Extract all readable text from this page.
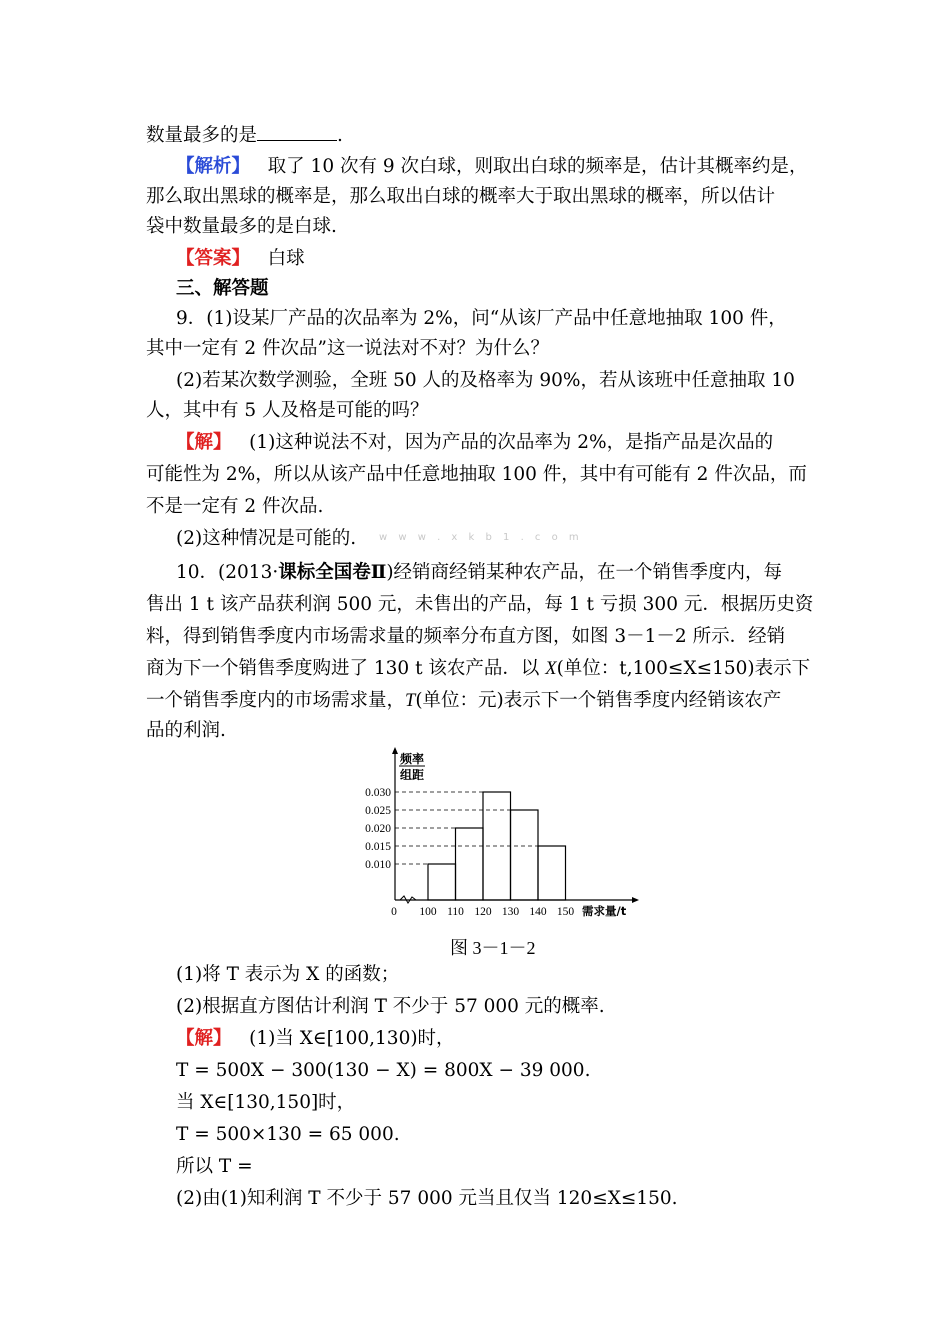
数量最多的是	.
【解析】 取了 10 次有 9 次白球，则取出白球的频率是，估计其概率约是，
那么取出黑球的概率是，那么取出白球的概率大于取出黑球的概率，所以估计
袋中数量最多的是白球.
【答案】 白球
三、解答题
9．(1)设某厂产品的次品率为 2%，问“从该厂产品中任意地抽取 100 件，
其中一定有 2 件次品”这一说法对不对？为什么？
(2)若某次数学测验，全班 50 人的及格率为 90%，若从该班中任意抽取 10
人，其中有 5 人及格是可能的吗？
【解】 (1)这种说法不对，因为产品的次品率为 2%，是指产品是次品的
可能性为 2%，所以从该产品中任意地抽取 100 件，其中有可能有 2 件次品，而
不是一定有 2 件次品.
(2)这种情况是可能的. w w w . x k b 1 . c o m
10．(2013·课标全国卷Ⅱ)经销商经销某种农产品，在一个销售季度内，每
售出 1 t 该产品获利润 500 元，未售出的产品，每 1 t 亏损 300 元．根据历史资
料，得到销售季度内市场需求量的频率分布直方图，如图 3－1－2 所示．经销
商为下一个销售季度购进了 130 t 该农产品．以 X(单位：t,100≤X≤150)表示下
一个销售季度内的市场需求量，T(单位：元)表示下一个销售季度内经销该农产
品的利润.
频率
组距
0.010
0.015
0.020
0.025
0.030
100 110 120 130 140 150
0	需求量/t
图 3－1－2
(1)将 T 表示为 X 的函数；
(2)根据直方图估计利润 T 不少于 57 000 元的概率.
【解】 (1)当 X∈[100,130)时，
T = 500X − 300(130 − X) = 800X − 39 000.
当 X∈[130,150]时，
T = 500×130 = 65 000.
所以 T =
(2)由(1)知利润 T 不少于 57 000 元当且仅当 120≤X≤150.
